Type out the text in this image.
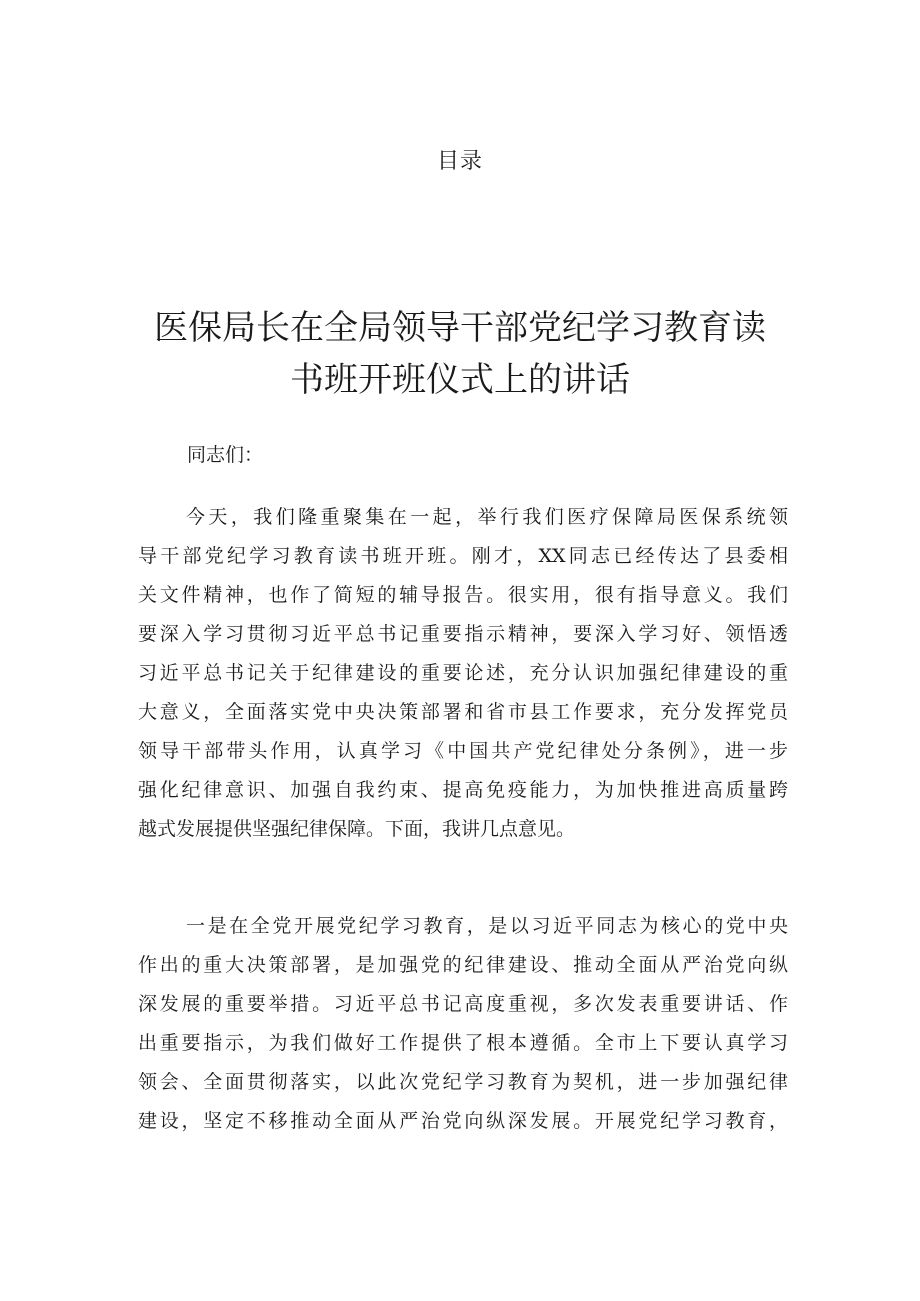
目录
医保局长在全局领导干部党纪学习教育读
书班开班仪式上的讲话

同志们：

今天，我们隆重聚集在一起，举行我们医疗保障局医保系统领
导干部党纪学习教育读书班开班。刚才，XX同志已经传达了县委相
关文件精神，也作了简短的辅导报告。很实用，很有指导意义。我们
要深入学习贯彻习近平总书记重要指示精神，要深入学习好、领悟透
习近平总书记关于纪律建设的重要论述，充分认识加强纪律建设的重
大意义，全面落实党中央决策部署和省市县工作要求，充分发挥党员
领导干部带头作用，认真学习《中国共产党纪律处分条例》，进一步
强化纪律意识、加强自我约束、提高免疫能力，为加快推进高质量跨
越式发展提供坚强纪律保障。下面，我讲几点意见。

一是在全党开展党纪学习教育，是以习近平同志为核心的党中央
作出的重大决策部署，是加强党的纪律建设、推动全面从严治党向纵
深发展的重要举措。习近平总书记高度重视，多次发表重要讲话、作
出重要指示，为我们做好工作提供了根本遵循。全市上下要认真学习
领会、全面贯彻落实，以此次党纪学习教育为契机，进一步加强纪律
建设，坚定不移推动全面从严治党向纵深发展。开展党纪学习教育，
